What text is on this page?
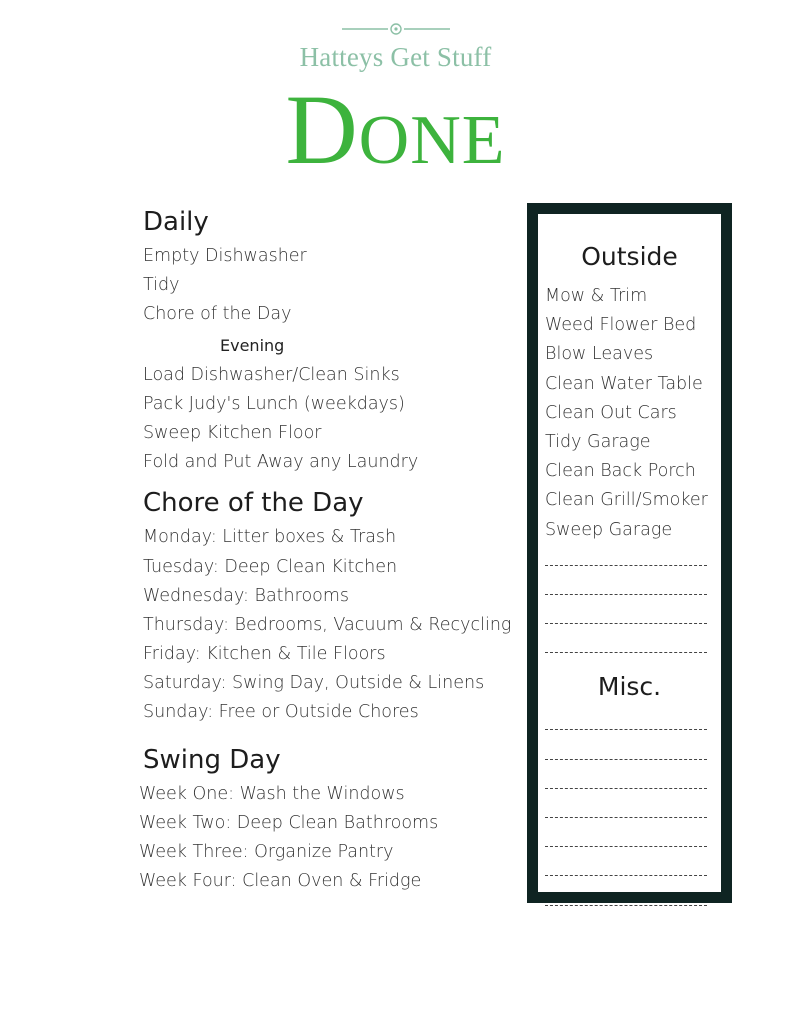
Hatteys Get Stuff
Done
Daily
Empty Dishwasher
Tidy
Chore of the Day
Evening
Load Dishwasher/Clean Sinks
Pack Judy's Lunch (weekdays)
Sweep Kitchen Floor
Fold and Put Away any Laundry
Chore of the Day
Monday: Litter boxes & Trash
Tuesday: Deep Clean Kitchen
Wednesday: Bathrooms
Thursday: Bedrooms, Vacuum & Recycling
Friday: Kitchen & Tile Floors
Saturday: Swing Day, Outside & Linens
Sunday: Free or Outside Chores
Swing Day
Week One: Wash the Windows
Week Two: Deep Clean Bathrooms
Week Three: Organize Pantry
Week Four: Clean Oven & Fridge
Outside
Mow & Trim
Weed Flower Bed
Blow Leaves
Clean Water Table
Clean Out Cars
Tidy Garage
Clean Back Porch
Clean Grill/Smoker
Sweep Garage
Misc.
